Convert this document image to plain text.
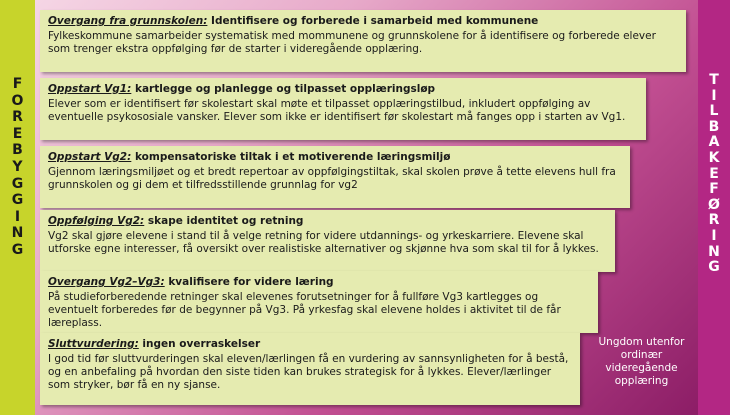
F
O
R
E
B
Y
G
G
I
N
G
Overgang fra grunnskolen: Identifisere og forberede i samarbeid med kommunene

Fylkeskommune samarbeider systematisk med mommunene og grunnskolene for å identifisere og forberede elever som trenger ekstra oppfølging før de starter i videregående opplæring.

Oppstart Vg1: kartlegge og planlegge og tilpasset opplæringsløp

Elever som er identifisert før skolestart skal møte et tilpasset opplæringstilbud, inkludert oppfølging av eventuelle psykososiale vansker. Elever som ikke er identifisert før skolestart må fanges opp i starten av Vg1.

Oppstart Vg2: kompensatoriske tiltak i et motiverende læringsmiljø

Gjennom læringsmiljøet og et bredt repertoar av oppfølgingstiltak, skal skolen prøve å tette elevens hull fra grunnskolen og gi dem et tilfredsstillende grunnlag for vg2

Oppfølging Vg2: skape identitet og retning

Vg2 skal gjøre elevene i stand til å velge retning for videre utdannings- og yrkeskarriere. Elevene skal utforske egne interesser, få oversikt over realistiske alternativer og skjønne hva som skal til for å lykkes.

Overgang Vg2–Vg3: kvalifisere for videre læring

På studieforberedende retninger skal elevenes forutsetninger for å fullføre Vg3 kartlegges og eventuelt forberedes før de begynner på Vg3. På yrkesfag skal elevene holdes i aktivitet til de får læreplass.

Sluttvurdering: ingen overraskelser

I god tid før sluttvurderingen skal eleven/lærlingen få en vurdering av sannsynligheten for å bestå, og en anbefaling på hvordan den siste tiden kan brukes strategisk for å lykkes. Elever/lærlinger som stryker, bør få en ny sjanse.

Ungdom utenfor ordinær videregående opplæring
T
I
L
B
A
K
E
F
Ø
R
I
N
G
